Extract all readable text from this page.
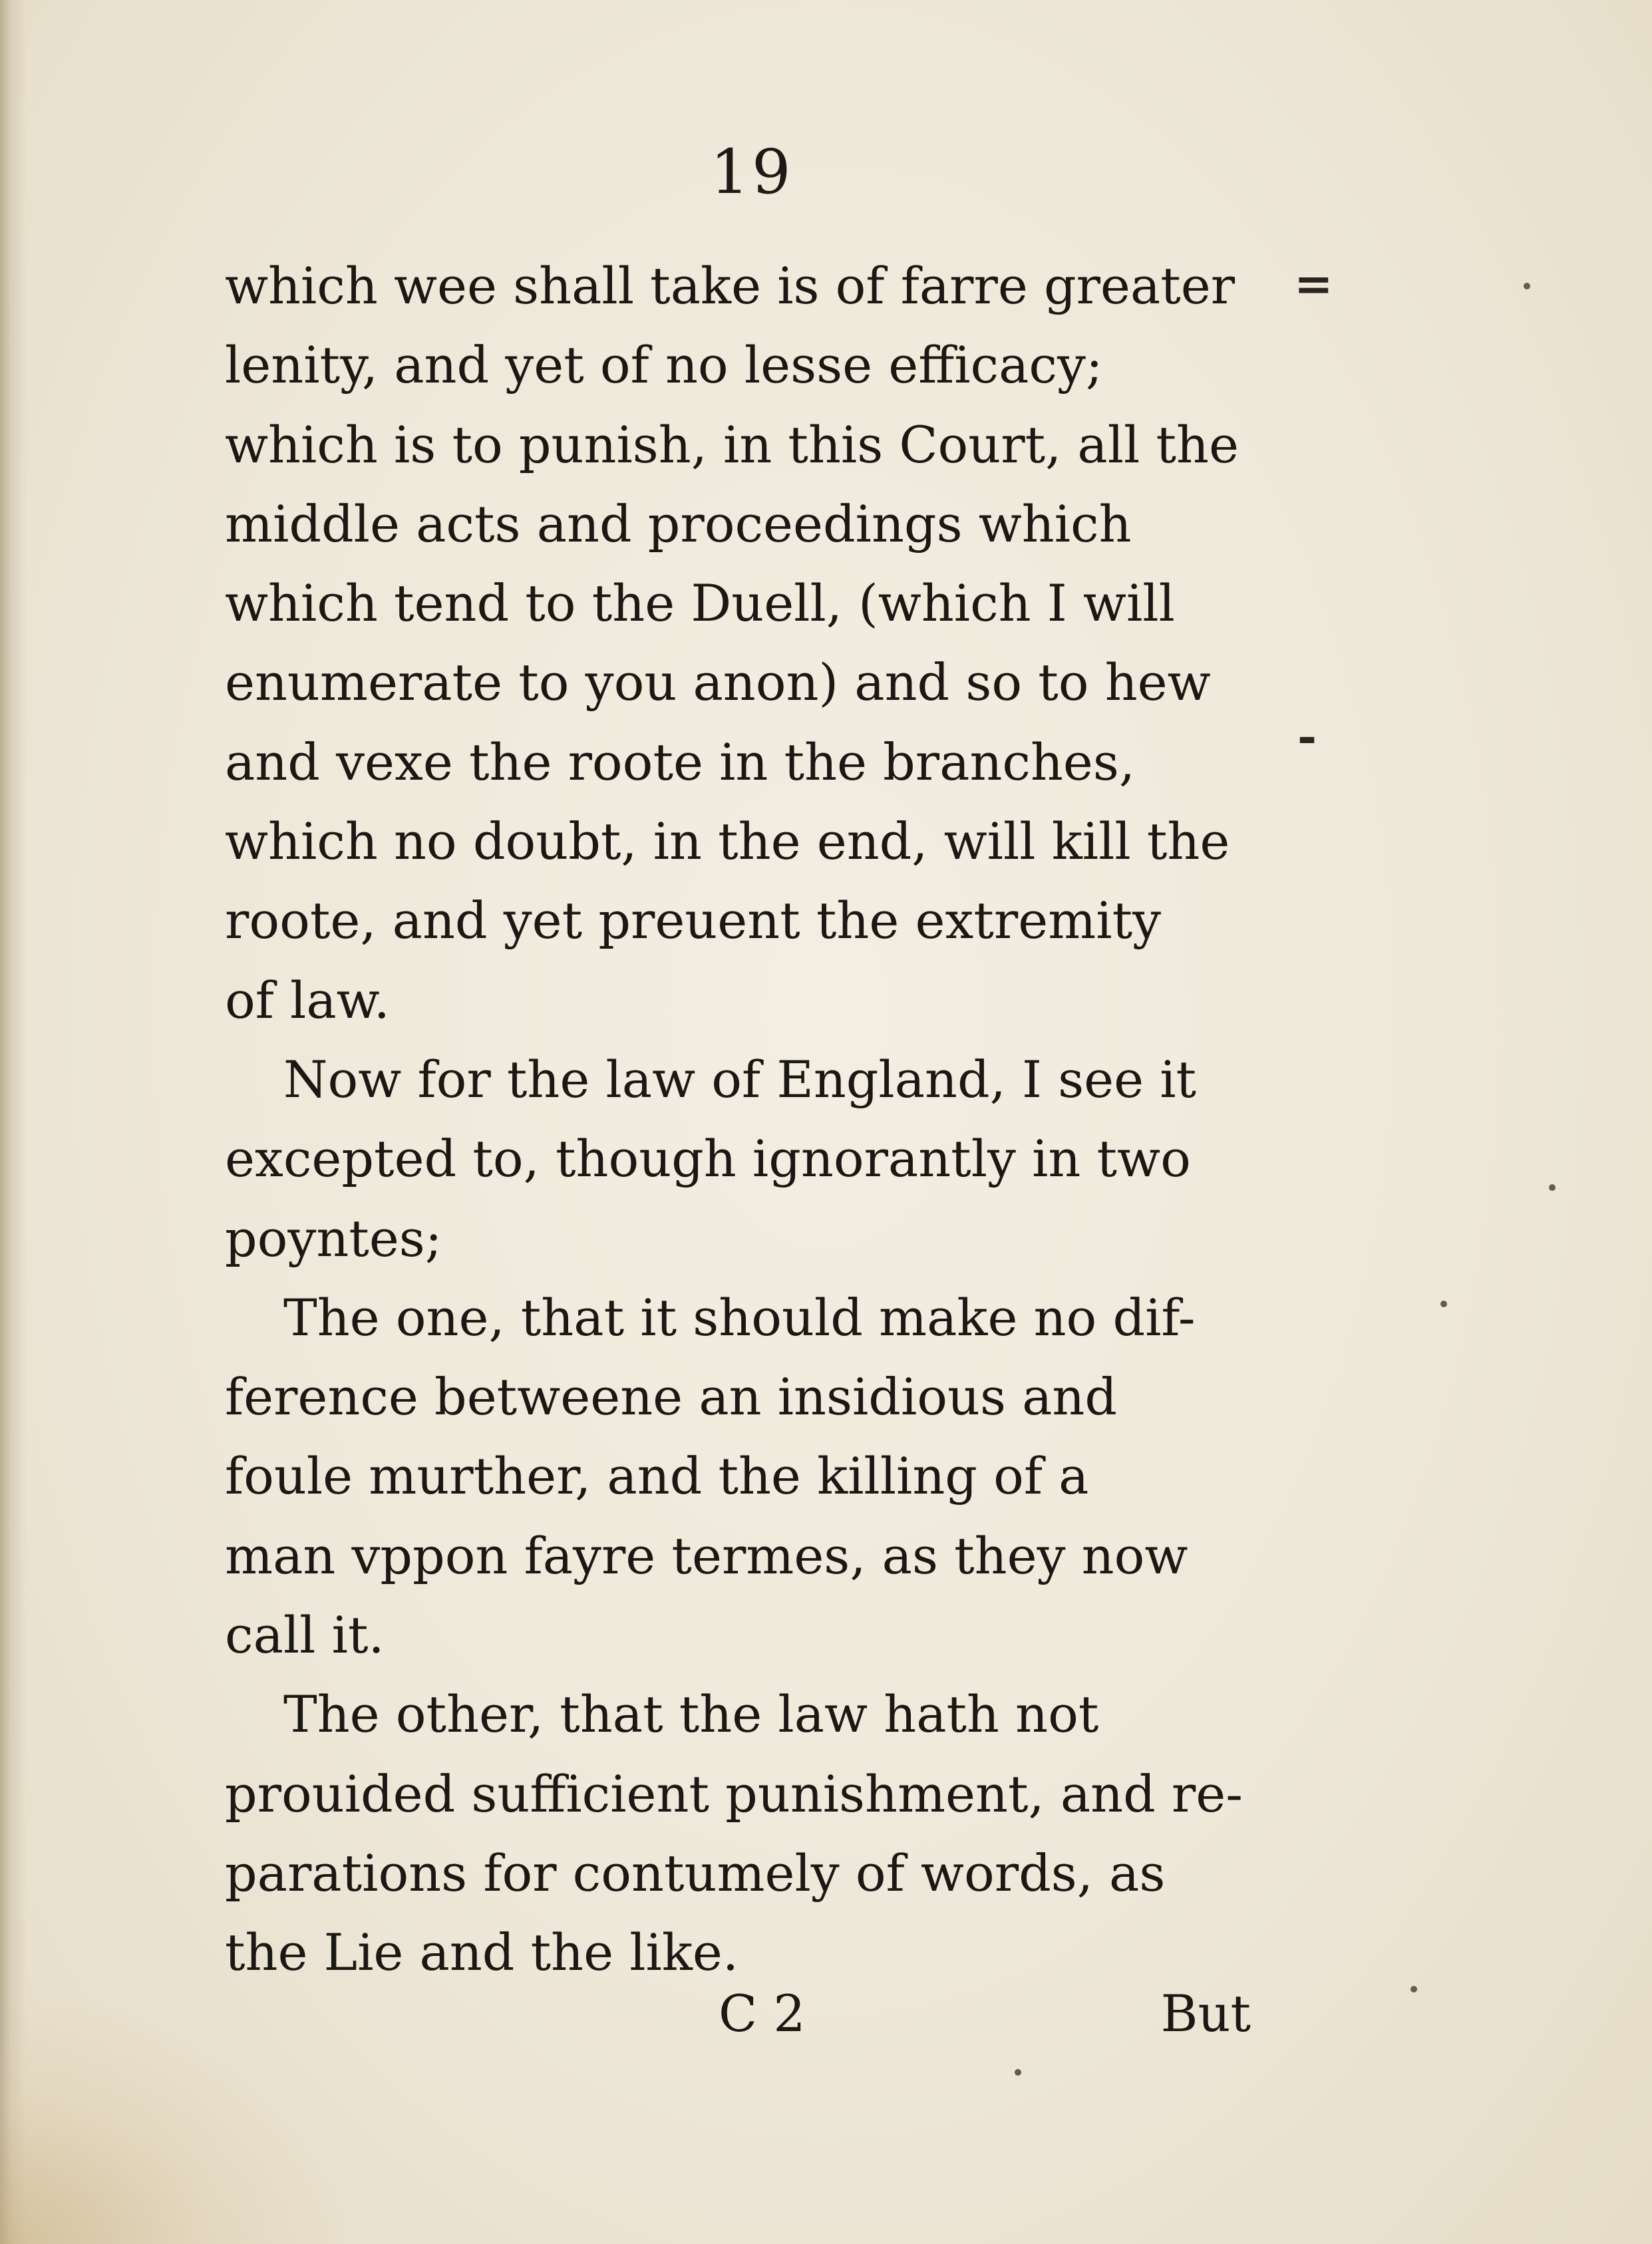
19
which wee shall take is of farre greater
lenity, and yet of no lesse efficacy;
which is to punish, in this Court, all the
middle acts and proceedings which
which tend to the Duell, (which I will
enumerate to you anon) and so to hew
and vexe the roote in the branches,
which no doubt, in the end, will kill the
roote, and yet preuent the extremity
of law.
Now for the law of England, I see it
excepted to, though ignorantly in two
poyntes;
The one, that it should make no dif-
ference betweene an insidious and
foule murther, and the killing of a
man vppon fayre termes, as they now
call it.
The other, that the law hath not
prouided sufficient punishment, and re-
parations for contumely of words, as
the Lie and the like.
C 2	But
=
-
